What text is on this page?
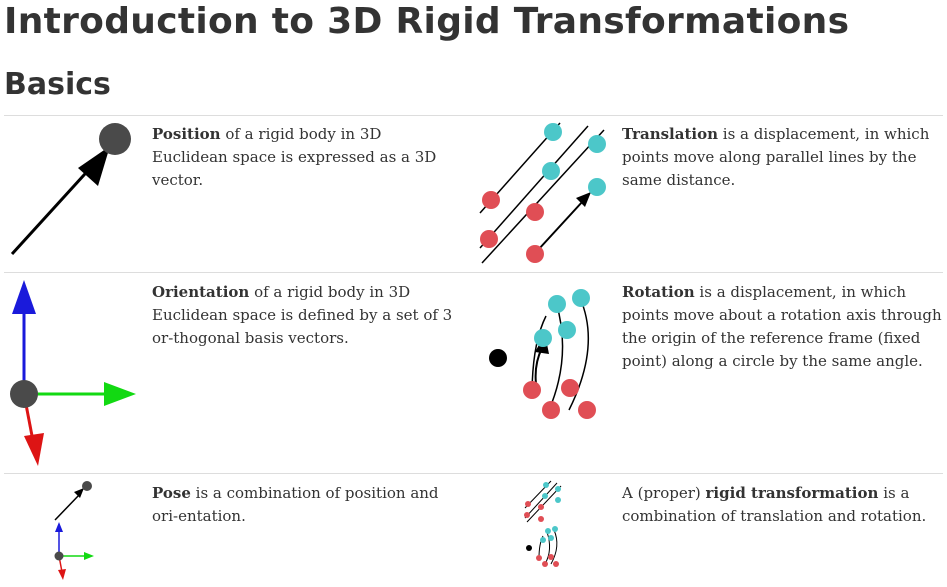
Introduction to 3D Rigid Transformations
Basics

Position of a rigid body in 3D Euclidean space is expressed as a 3D vector.

Translation is a displacement, in which points move along parallel lines by the same distance.

Orientation of a rigid body in 3D Euclidean space is defined by a set of 3 or-thogonal basis vectors.

Rotation is a displacement, in which points move about a rotation axis through the origin of the reference frame (fixed point) along a circle by the same angle.

Pose is a combination of position and ori-entation.

A (proper) rigid transformation is a combination of translation and rotation.
